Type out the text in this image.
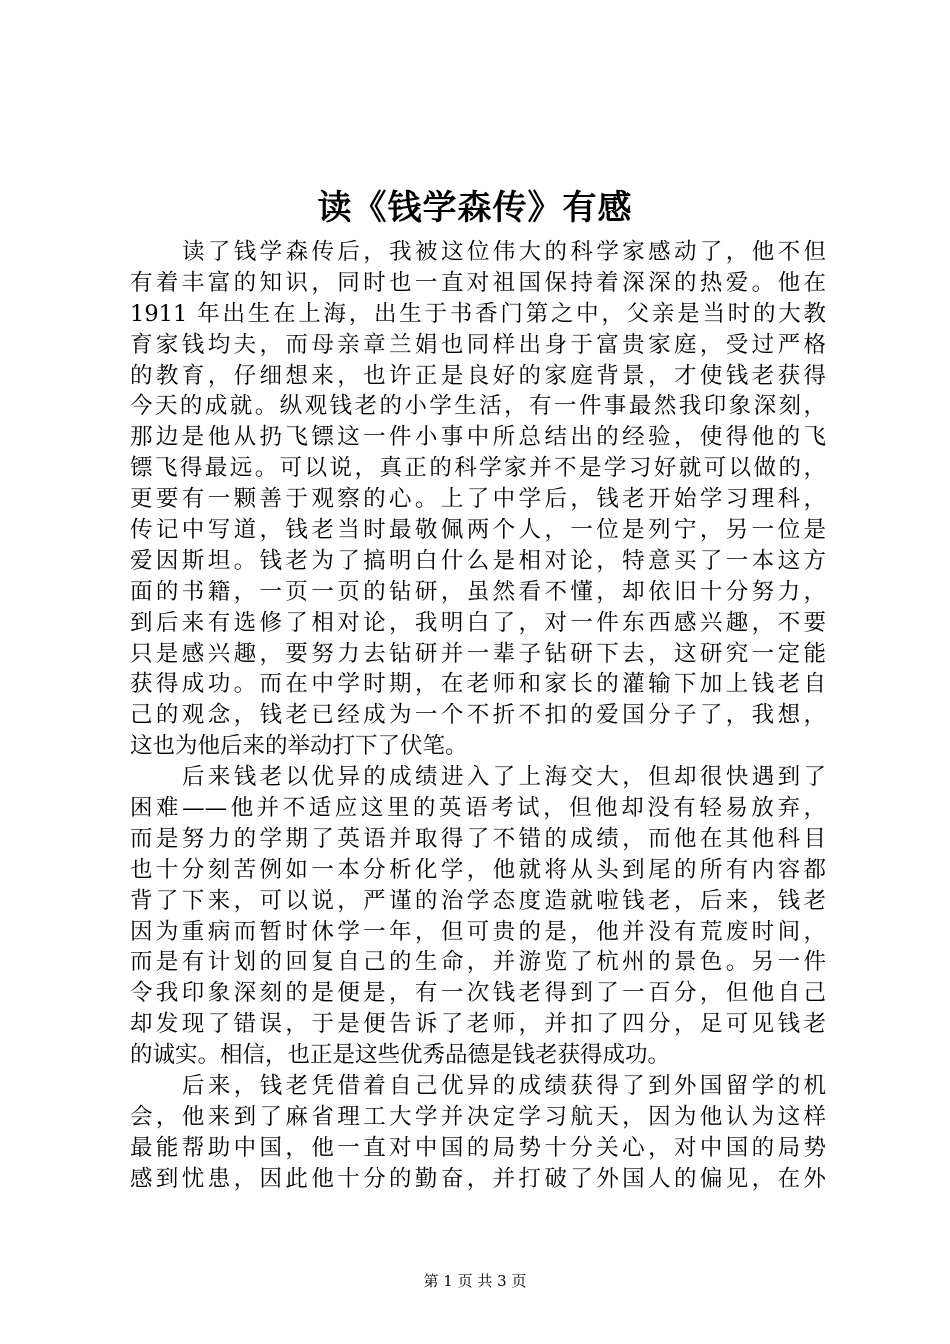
读《钱学森传》有感
读了钱学森传后，我被这位伟大的科学家感动了，他不但
有着丰富的知识，同时也一直对祖国保持着深深的热爱。他在
1911 年出生在上海，出生于书香门第之中，父亲是当时的大教
育家钱均夫，而母亲章兰娟也同样出身于富贵家庭，受过严格
的教育，仔细想来，也许正是良好的家庭背景，才使钱老获得
今天的成就。纵观钱老的小学生活，有一件事最然我印象深刻，
那边是他从扔飞镖这一件小事中所总结出的经验，使得他的飞
镖飞得最远。可以说，真正的科学家并不是学习好就可以做的，
更要有一颗善于观察的心。上了中学后，钱老开始学习理科，
传记中写道，钱老当时最敬佩两个人，一位是列宁，另一位是
爱因斯坦。钱老为了搞明白什么是相对论，特意买了一本这方
面的书籍，一页一页的钻研，虽然看不懂，却依旧十分努力，
到后来有选修了相对论，我明白了，对一件东西感兴趣，不要
只是感兴趣，要努力去钻研并一辈子钻研下去，这研究一定能
获得成功。而在中学时期，在老师和家长的灌输下加上钱老自
己的观念，钱老已经成为一个不折不扣的爱国分子了，我想，
这也为他后来的举动打下了伏笔。
后来钱老以优异的成绩进入了上海交大，但却很快遇到了
困难——他并不适应这里的英语考试，但他却没有轻易放弃，
而是努力的学期了英语并取得了不错的成绩，而他在其他科目
也十分刻苦例如一本分析化学，他就将从头到尾的所有内容都
背了下来，可以说，严谨的治学态度造就啦钱老，后来，钱老
因为重病而暂时休学一年，但可贵的是，他并没有荒废时间，
而是有计划的回复自己的生命，并游览了杭州的景色。另一件
令我印象深刻的是便是，有一次钱老得到了一百分，但他自己
却发现了错误，于是便告诉了老师，并扣了四分，足可见钱老
的诚实。相信，也正是这些优秀品德是钱老获得成功。
后来，钱老凭借着自己优异的成绩获得了到外国留学的机
会，他来到了麻省理工大学并决定学习航天，因为他认为这样
最能帮助中国，他一直对中国的局势十分关心，对中国的局势
感到忧患，因此他十分的勤奋，并打破了外国人的偏见，在外
第 1 页 共 3 页
